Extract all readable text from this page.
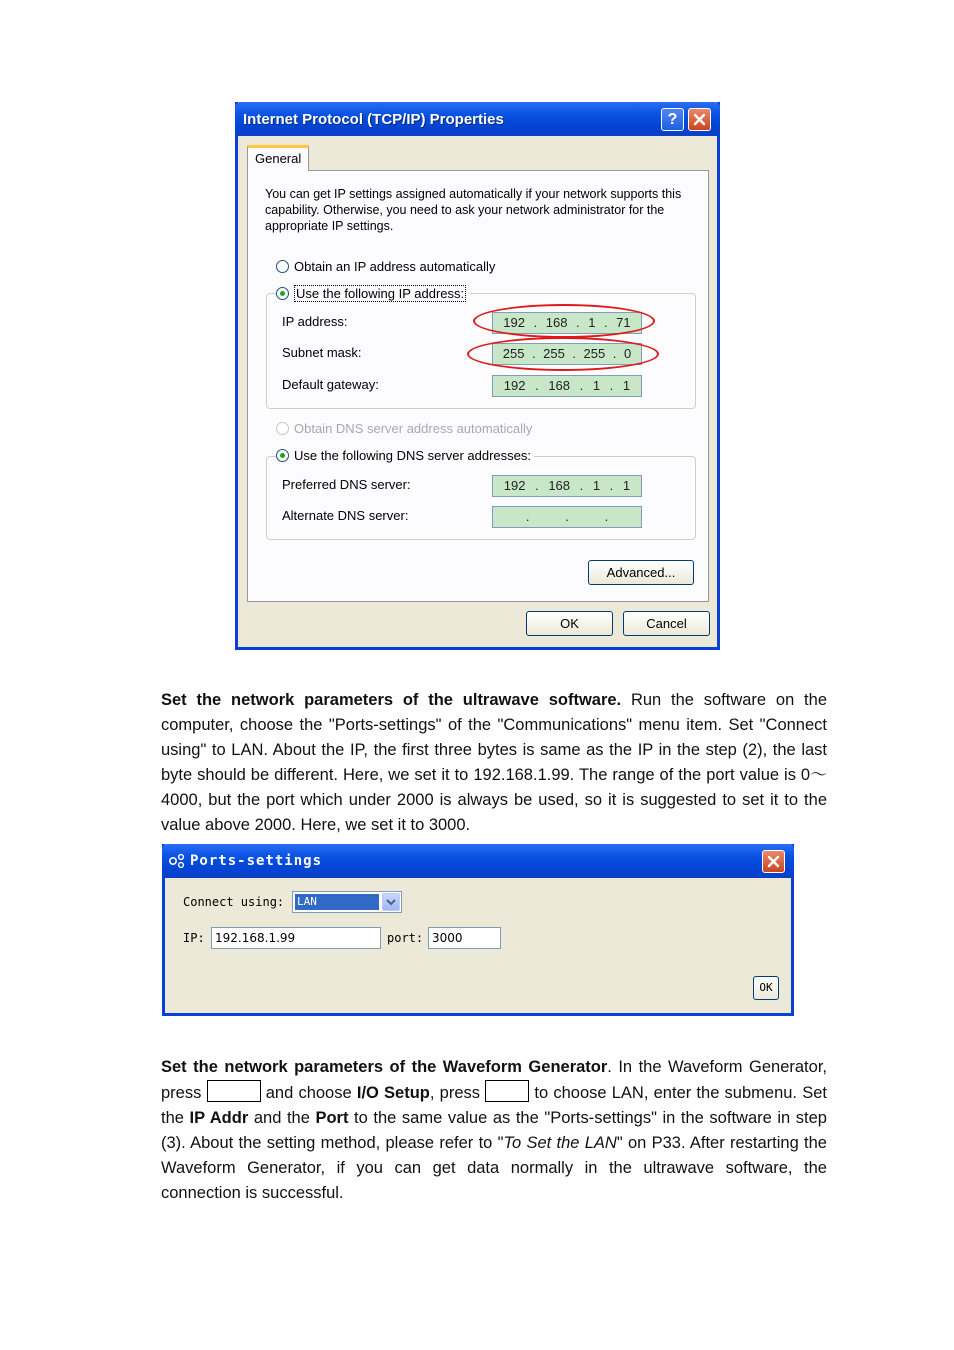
Internet Protocol (TCP/IP) Properties	?
General
You can get IP settings assigned automatically if your network supports this capability. Otherwise, you need to ask your network administrator for the appropriate IP settings.
Obtain an IP address automatically
IP address:	192 . 168 . 1 . 71
Subnet mask:	255 . 255 . 255 . 0
Default gateway:	192 . 168 . 1 . 1
Use the following IP address:
Obtain DNS server address automatically
Preferred DNS server:	192 . 168 . 1 . 1
Alternate DNS server:	.	.	.
Use the following DNS server addresses:
Advanced...
OK	Cancel
Set the network parameters of the ultrawave software. Run the software on the computer, choose the "Ports-settings" of the "Communications" menu item. Set "Connect using" to LAN. About the IP, the first three bytes is same as the IP in the step (2), the last byte should be different. Here, we set it to 192.168.1.99. The range of the port value is 0～4000, but the port which under 2000 is always be used, so it is suggested to set it to the value above 2000. Here, we set it to 3000.
Ports-settings
Connect using: LAN
IP: 192.168.1.99	port: 3000
OK
Set the network parameters of the Waveform Generator. In the Waveform Generator, press	and choose I/O Setup, press	to choose LAN, enter the submenu. Set the IP Addr and the Port to the same value as the "Ports-settings" in the software in step (3). About the setting method, please refer to "To Set the LAN" on P33. After restarting the Waveform Generator, if you can get data normally in the ultrawave software, the connection is successful.
